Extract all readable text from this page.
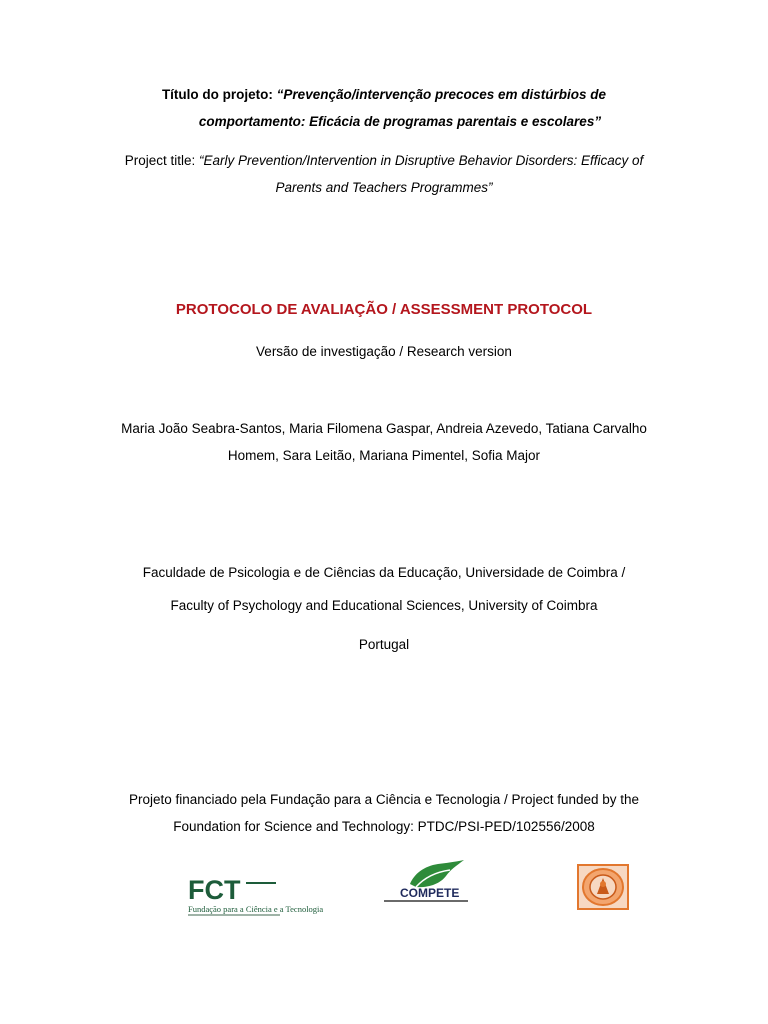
Título do projeto: “Prevenção/intervenção precoces em distúrbios de
comportamento: Eficácia de programas parentais e escolares”
Project title: “Early Prevention/Intervention in Disruptive Behavior Disorders: Efficacy of
Parents and Teachers Programmes”
PROTOCOLO DE AVALIAÇÃO / ASSESSMENT PROTOCOL
Versão de investigação / Research version
Maria João Seabra-Santos, Maria Filomena Gaspar, Andreia Azevedo, Tatiana Carvalho
Homem, Sara Leitão, Mariana Pimentel, Sofia Major
Faculdade de Psicologia e de Ciências da Educação, Universidade de Coimbra /
Faculty of Psychology and Educational Sciences, University of Coimbra
Portugal
Projeto financiado pela Fundação para a Ciência e Tecnologia / Project funded by the
Foundation for Science and Technology: PTDC/PSI-PED/102556/2008
FCT
Fundação para a Ciência e a Tecnologia
COMPETE
